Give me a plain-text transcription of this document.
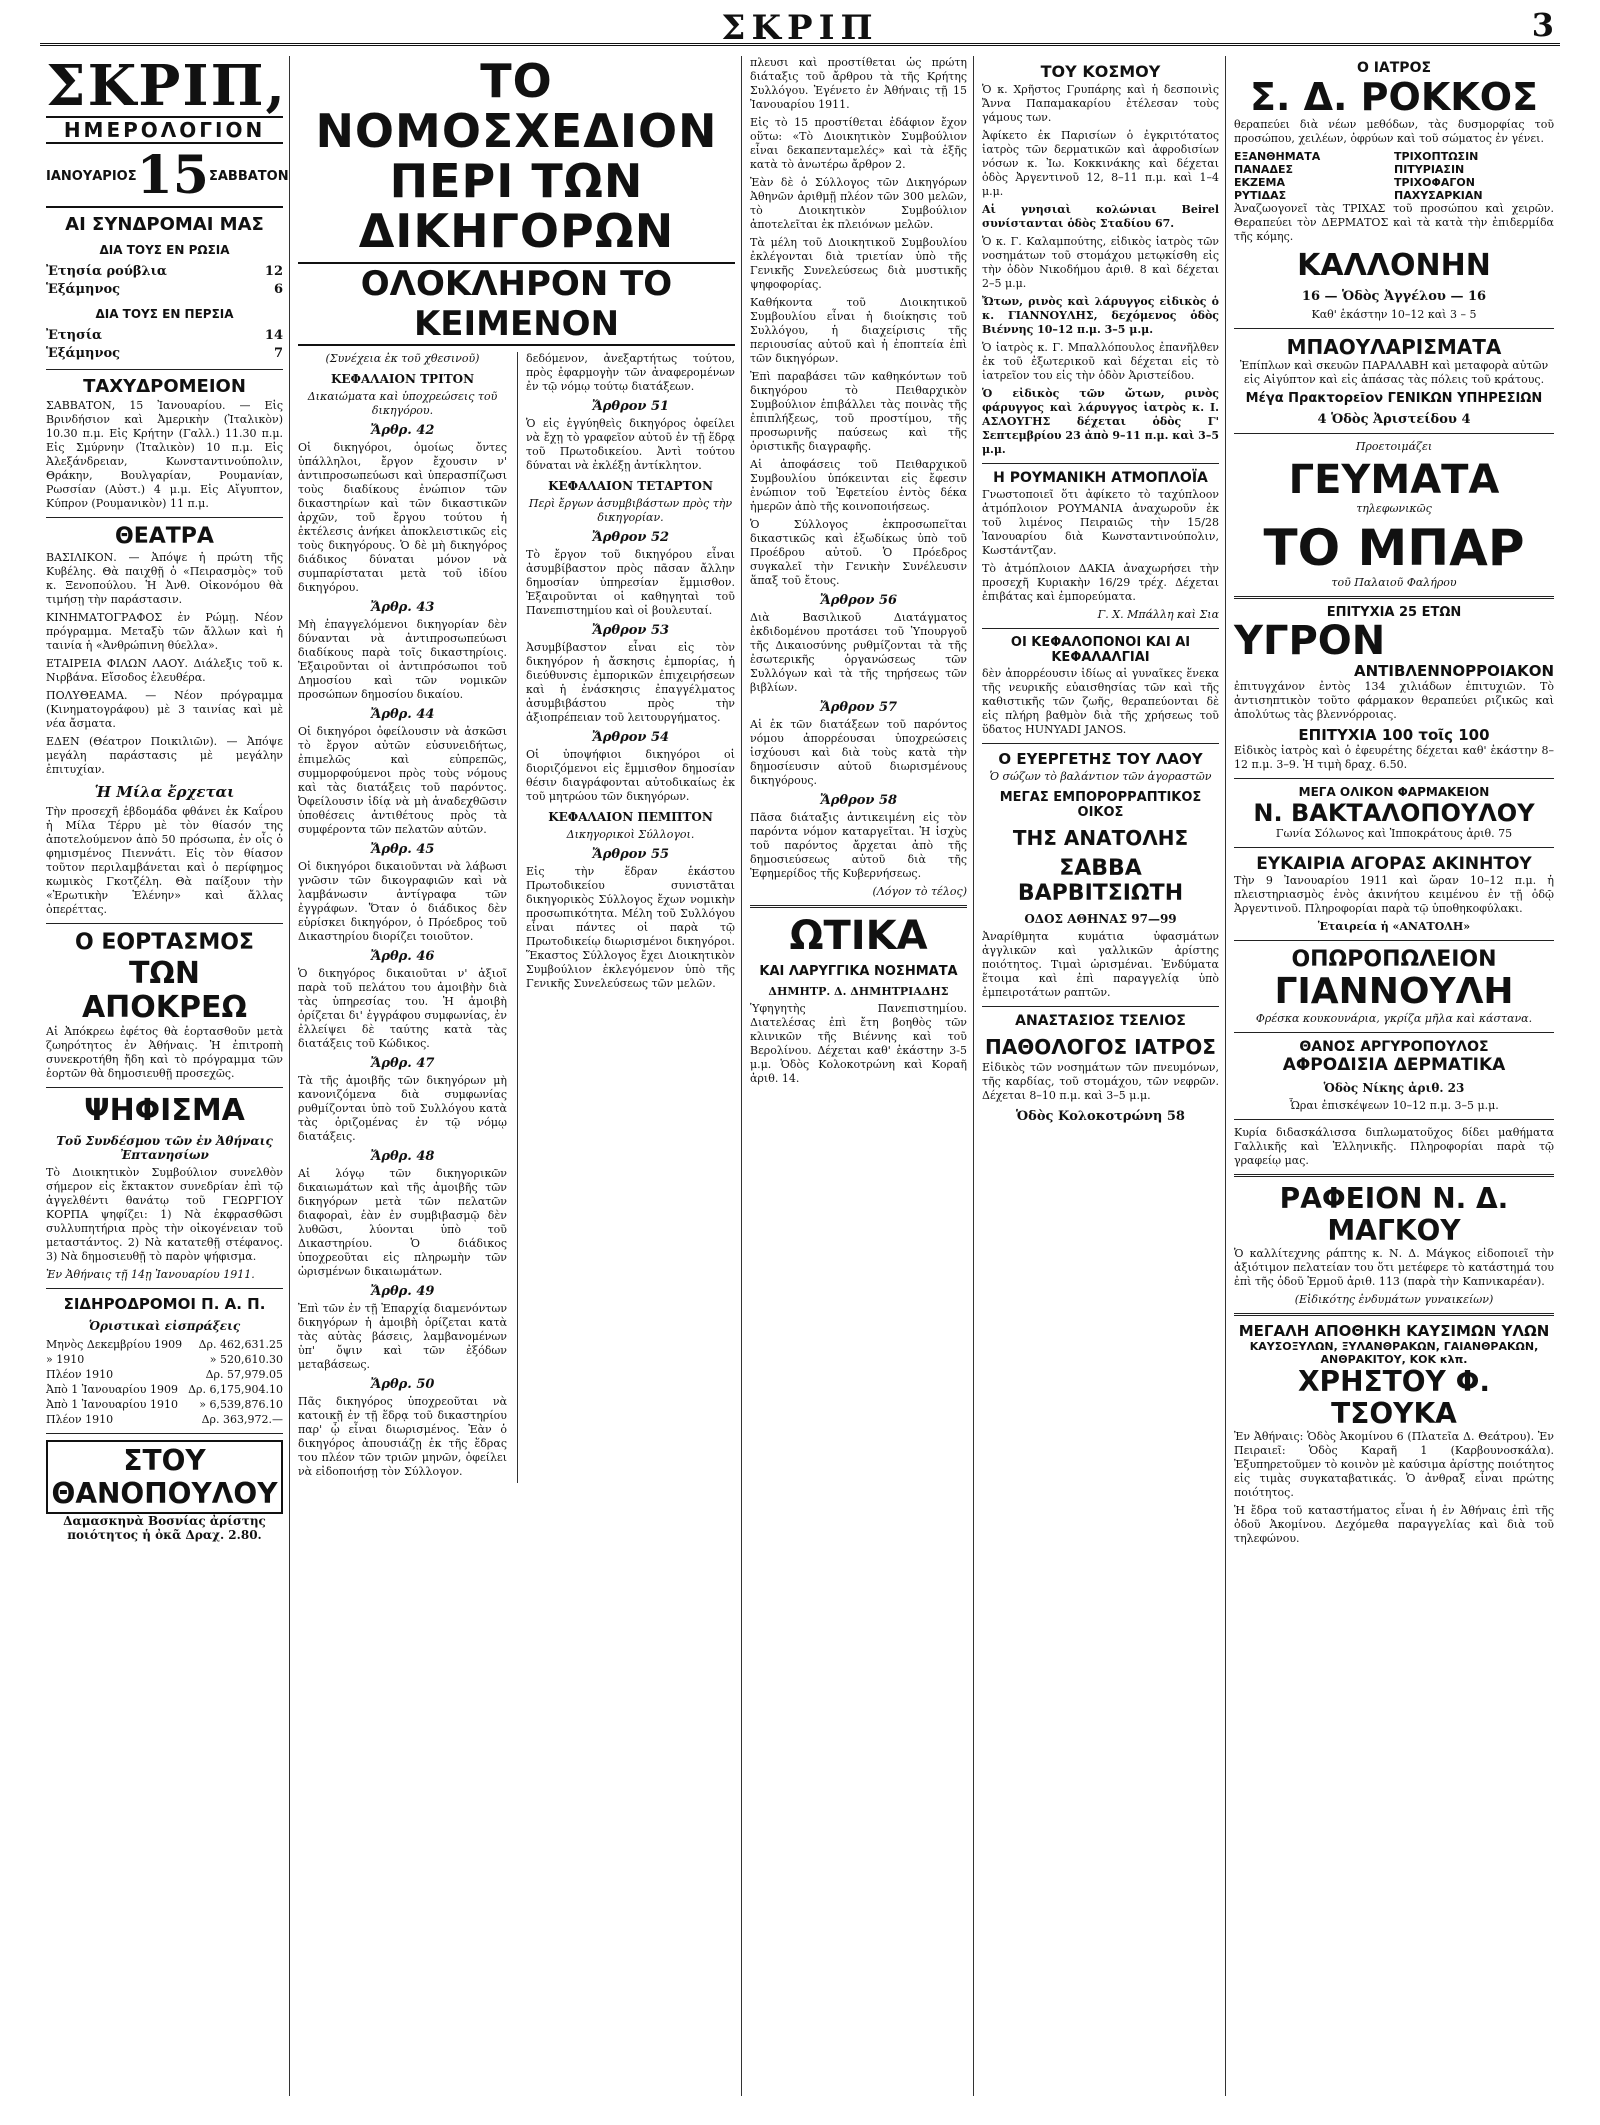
ΣΚΡΙΠ	3
ΣΚΡΙΠ,
ΗΜΕΡΟΛΟΓΙΟΝ
ΙΑΝΟΥΑΡΙΟΣ 15 ΣΑΒΒΑΤΟΝ
ΑΙ ΣΥΝΔΡΟΜΑΙ ΜΑΣ
ΔΙΑ ΤΟΥΣ ΕΝ ΡΩΣΙΑ
Ἐτησία ρούβλια	12
Ἑξάμηνος	6
ΔΙΑ ΤΟΥΣ ΕΝ ΠΕΡΣΙΑ
Ἐτησία	14
Ἑξάμηνος	7
ΤΑΧΥΔΡΟΜΕΙΟΝ
ΣΑΒΒΑΤΟΝ, 15 Ἰανουαρίου. — Εἰς Βρινδήσιον καὶ Ἀμερικὴν (Ἰταλικὸν) 10.30 π.μ. Εἰς Κρήτην (Γαλλ.) 11.30 π.μ. Εἰς Σμύρνην (Ἰταλικὸν) 10 π.μ. Εἰς Ἀλεξάνδρειαν, Κωνσταντινούπολιν, Θράκην, Βουλγαρίαν, Ρουμανίαν, Ρωσσίαν (Αὐστ.) 4 μ.μ. Εἰς Αἴγυπτον, Κύπρον (Ρουμανικὸν) 11 π.μ.
ΘΕΑΤΡΑ
ΒΑΣΙΛΙΚΟΝ. — Ἀπόψε ἡ πρώτη τῆς Κυβέλης. Θὰ παιχθῇ ὁ «Πειρασμὸς» τοῦ κ. Ξενοπούλου. Ἡ Ἀνθ. Οἰκονόμου θὰ τιμήσῃ τὴν παράστασιν.
ΚΙΝΗΜΑΤΟΓΡΑΦΟΣ ἐν Ρώμῃ. Νέον πρόγραμμα. Μεταξὺ τῶν ἄλλων καὶ ἡ ταινία ἡ «Ἀνθρώπινη θύελλα».
ΕΤΑΙΡΕΙΑ ΦΙΛΩΝ ΛΑΟΥ. Διάλεξις τοῦ κ. Νιρβάνα. Εἴσοδος ἐλευθέρα.
ΠΟΛΥΘΕΑΜΑ. — Νέον πρόγραμμα (Κινηματογράφου) μὲ 3 ταινίας καὶ μὲ νέα ἄσματα.
ΕΔΕΝ (Θέατρον Ποικιλιῶν). — Ἀπόψε μεγάλη παράστασις μὲ μεγάλην ἐπιτυχίαν.
Ἡ Μίλα ἔρχεται
Τὴν προσεχῆ ἑβδομάδα φθάνει ἐκ Καΐρου ἡ Μίλα Τέρρυ μὲ τὸν θίασόν της ἀποτελούμενον ἀπὸ 50 πρόσωπα, ἐν οἷς ὁ φημισμένος Πιεννάτι. Εἰς τὸν θίασον τοῦτον περιλαμβάνεται καὶ ὁ περίφημος κωμικὸς Γκοτζέλη. Θὰ παίξουν τὴν «Ἐρωτικὴν Ἑλένην» καὶ ἄλλας ὀπερέττας.
Ο ΕΟΡΤΑΣΜΟΣ
ΤΩΝ ΑΠΟΚΡΕΩ
Αἱ Ἀπόκρεω ἐφέτος θὰ ἑορτασθοῦν μετὰ ζωηρότητος ἐν Ἀθήναις. Ἡ ἐπιτροπὴ συνεκροτήθη ἤδη καὶ τὸ πρόγραμμα τῶν ἑορτῶν θὰ δημοσιευθῇ προσεχῶς.
ΨΗΦΙΣΜΑ
Τοῦ Συνδέσμου τῶν ἐν Ἀθήναις Ἐπτανησίων
Τὸ Διοικητικὸν Συμβούλιον συνελθὸν σήμερον εἰς ἔκτακτον συνεδρίαν ἐπὶ τῷ ἀγγελθέντι θανάτῳ τοῦ ΓΕΩΡΓΙΟΥ ΚΟΡΠΑ ψηφίζει: 1) Νὰ ἐκφρασθῶσι συλλυπητήρια πρὸς τὴν οἰκογένειαν τοῦ μεταστάντος. 2) Νὰ κατατεθῇ στέφανος. 3) Νὰ δημοσιευθῇ τὸ παρὸν ψήφισμα.
Ἐν Ἀθήναις τῇ 14ῃ Ἰανουαρίου 1911.
ΣΙΔΗΡΟΔΡΟΜΟΙ Π. Α. Π.
Ὁριστικαὶ εἰσπράξεις
Μηνὸς Δεκεμβρίου 1909 Δρ. 462,631.25
» 1910	» 520,610.30
Πλέον 1910	Δρ. 57,979.05
Ἀπὸ 1 Ἰανουαρίου 1909 Δρ. 6,175,904.10
Ἀπὸ 1 Ἰανουαρίου 1910 » 6,539,876.10
Πλέον 1910	Δρ. 363,972.—
ΣΤΟΥ ΘΑΝΟΠΟΥΛΟΥ
Δαμασκηνὰ Βοσνίας ἀρίστης ποιότητος ἡ ὀκᾶ Δραχ. 2.80.
ΤΟ ΝΟΜΟΣΧΕΔΙΟΝ
ΠΕΡΙ ΤΩΝ ΔΙΚΗΓΟΡΩΝ
ΟΛΟΚΛΗΡΟΝ ΤΟ ΚΕΙΜΕΝΟΝ
(Συνέχεια ἐκ τοῦ χθεσινοῦ)
ΚΕΦΑΛΑΙΟΝ ΤΡΙΤΟΝ
Δικαιώματα καὶ ὑποχρεώσεις τοῦ δικηγόρου.
Ἄρθρ. 42
Οἱ δικηγόροι, ὁμοίως ὄντες ὑπάλληλοι, ἔργον ἔχουσιν ν' ἀντιπροσωπεύωσι καὶ ὑπερασπίζωσι τοὺς διαδίκους ἐνώπιον τῶν δικαστηρίων καὶ τῶν δικαστικῶν ἀρχῶν, τοῦ ἔργου τούτου ἡ ἐκτέλεσις ἀνήκει ἀποκλειστικῶς εἰς τοὺς δικηγόρους. Ὁ δὲ μὴ δικηγόρος διάδικος δύναται μόνον νὰ συμπαρίσταται μετὰ τοῦ ἰδίου δικηγόρου.
Ἄρθρ. 43
Μὴ ἐπαγγελόμενοι δικηγορίαν δὲν δύνανται νὰ ἀντιπροσωπεύωσι διαδίκους παρὰ τοῖς δικαστηρίοις. Ἐξαιροῦνται οἱ ἀντιπρόσωποι τοῦ Δημοσίου καὶ τῶν νομικῶν προσώπων δημοσίου δικαίου.
Ἄρθρ. 44
Οἱ δικηγόροι ὀφείλουσιν νὰ ἀσκῶσι τὸ ἔργον αὐτῶν εὐσυνειδήτως, ἐπιμελῶς καὶ εὐπρεπῶς, συμμορφούμενοι πρὸς τοὺς νόμους καὶ τὰς διατάξεις τοῦ παρόντος. Ὀφείλουσιν ἰδίᾳ νὰ μὴ ἀναδεχθῶσιν ὑποθέσεις ἀντιθέτους πρὸς τὰ συμφέροντα τῶν πελατῶν αὐτῶν.
Ἄρθρ. 45
Οἱ δικηγόροι δικαιοῦνται νὰ λάβωσι γνῶσιν τῶν δικογραφιῶν καὶ νὰ λαμβάνωσιν ἀντίγραφα τῶν ἐγγράφων. Ὅταν ὁ διάδικος δὲν εὑρίσκει δικηγόρον, ὁ Πρόεδρος τοῦ Δικαστηρίου διορίζει τοιοῦτον.
Ἄρθρ. 46
Ὁ δικηγόρος δικαιοῦται ν' ἀξιοῖ παρὰ τοῦ πελάτου του ἀμοιβὴν διὰ τὰς ὑπηρεσίας του. Ἡ ἀμοιβὴ ὁρίζεται δι' ἐγγράφου συμφωνίας, ἐν ἐλλείψει δὲ ταύτης κατὰ τὰς διατάξεις τοῦ Κώδικος.
Ἄρθρ. 47
Τὰ τῆς ἀμοιβῆς τῶν δικηγόρων μὴ κανονιζόμενα διὰ συμφωνίας ρυθμίζονται ὑπὸ τοῦ Συλλόγου κατὰ τὰς ὁριζομένας ἐν τῷ νόμῳ διατάξεις.
Ἄρθρ. 48
Αἱ λόγῳ τῶν δικηγορικῶν δικαιωμάτων καὶ τῆς ἀμοιβῆς τῶν δικηγόρων μετὰ τῶν πελατῶν διαφοραὶ, ἐὰν ἐν συμβιβασμῷ δὲν λυθῶσι, λύονται ὑπὸ τοῦ Δικαστηρίου. Ὁ διάδικος ὑποχρεοῦται εἰς πληρωμὴν τῶν ὡρισμένων δικαιωμάτων.
Ἄρθρ. 49
Ἐπὶ τῶν ἐν τῇ Ἐπαρχίᾳ διαμενόντων δικηγόρων ἡ ἀμοιβὴ ὁρίζεται κατὰ τὰς αὐτὰς βάσεις, λαμβανομένων ὑπ' ὄψιν καὶ τῶν ἐξόδων μεταβάσεως.
Ἄρθρ. 50
Πᾶς δικηγόρος ὑποχρεοῦται νὰ κατοικῇ ἐν τῇ ἕδρᾳ τοῦ δικαστηρίου παρ' ᾧ εἶναι διωρισμένος. Ἐὰν ὁ δικηγόρος ἀπουσιάζῃ ἐκ τῆς ἕδρας του πλέον τῶν τριῶν μηνῶν, ὀφείλει νὰ εἰδοποιήσῃ τὸν Σύλλογον.
δεδόμενον, ἀνεξαρτήτως τούτου, πρὸς ἐφαρμογὴν τῶν ἀναφερομένων ἐν τῷ νόμῳ τούτῳ διατάξεων.
Ἄρθρον 51
Ὁ εἰς ἐγγύηθεὶς δικηγόρος ὀφείλει νὰ ἔχῃ τὸ γραφεῖον αὐτοῦ ἐν τῇ ἕδρᾳ τοῦ Πρωτοδικείου. Ἀντὶ τούτου δύναται νὰ ἐκλέξῃ ἀντίκλητον.
ΚΕΦΑΛΑΙΟΝ ΤΕΤΑΡΤΟΝ
Περὶ ἔργων ἀσυμβιβάστων πρὸς τὴν δικηγορίαν.
Ἄρθρον 52
Τὸ ἔργον τοῦ δικηγόρου εἶναι ἀσυμβίβαστον πρὸς πᾶσαν ἄλλην δημοσίαν ὑπηρεσίαν ἔμμισθον. Ἐξαιροῦνται οἱ καθηγηταὶ τοῦ Πανεπιστημίου καὶ οἱ βουλευταί.
Ἄρθρον 53
Ἀσυμβίβαστον εἶναι εἰς τὸν δικηγόρον ἡ ἄσκησις ἐμπορίας, ἡ διεύθυνσις ἐμπορικῶν ἐπιχειρήσεων καὶ ἡ ἐνάσκησις ἐπαγγέλματος ἀσυμβιβάστου πρὸς τὴν ἀξιοπρέπειαν τοῦ λειτουργήματος.
Ἄρθρον 54
Οἱ ὑποψήφιοι δικηγόροι οἱ διοριζόμενοι εἰς ἔμμισθον δημοσίαν θέσιν διαγράφονται αὐτοδικαίως ἐκ τοῦ μητρώου τῶν δικηγόρων.
ΚΕΦΑΛΑΙΟΝ ΠΕΜΠΤΟΝ
Δικηγορικοὶ Σύλλογοι.
Ἄρθρον 55
Εἰς τὴν ἕδραν ἑκάστου Πρωτοδικείου συνιστᾶται δικηγορικὸς Σύλλογος ἔχων νομικὴν προσωπικότητα. Μέλη τοῦ Συλλόγου εἶναι πάντες οἱ παρὰ τῷ Πρωτοδικείῳ διωρισμένοι δικηγόροι. Ἕκαστος Σύλλογος ἔχει Διοικητικὸν Συμβούλιον ἐκλεγόμενον ὑπὸ τῆς Γενικῆς Συνελεύσεως τῶν μελῶν.
πλευσι καὶ προστίθεται ὡς πρώτη διάταξις τοῦ ἄρθρου τὰ τῆς Κρήτης Συλλόγου. Ἐγένετο ἐν Ἀθήναις τῇ 15 Ἰανουαρίου 1911.
Εἰς τὸ 15 προστίθεται ἐδάφιον ἔχον οὕτω: «Τὸ Διοικητικὸν Συμβούλιον εἶναι δεκαπενταμελές» καὶ τὰ ἑξῆς κατὰ τὸ ἀνωτέρω ἄρθρον 2.
Ἐὰν δὲ ὁ Σύλλογος τῶν Δικηγόρων Ἀθηνῶν ἀριθμῇ πλέον τῶν 300 μελῶν, τὸ Διοικητικὸν Συμβούλιον ἀποτελεῖται ἐκ πλειόνων μελῶν.
Τὰ μέλη τοῦ Διοικητικοῦ Συμβουλίου ἐκλέγονται διὰ τριετίαν ὑπὸ τῆς Γενικῆς Συνελεύσεως διὰ μυστικῆς ψηφοφορίας.
Καθήκοντα τοῦ Διοικητικοῦ Συμβουλίου εἶναι ἡ διοίκησις τοῦ Συλλόγου, ἡ διαχείρισις τῆς περιουσίας αὐτοῦ καὶ ἡ ἐποπτεία ἐπὶ τῶν δικηγόρων.
Ἐπὶ παραβάσει τῶν καθηκόντων τοῦ δικηγόρου τὸ Πειθαρχικὸν Συμβούλιον ἐπιβάλλει τὰς ποινὰς τῆς ἐπιπλήξεως, τοῦ προστίμου, τῆς προσωρινῆς παύσεως καὶ τῆς ὁριστικῆς διαγραφῆς.
Αἱ ἀποφάσεις τοῦ Πειθαρχικοῦ Συμβουλίου ὑπόκεινται εἰς ἔφεσιν ἐνώπιον τοῦ Ἐφετείου ἐντὸς δέκα ἡμερῶν ἀπὸ τῆς κοινοποιήσεως.
Ὁ Σύλλογος ἐκπροσωπεῖται δικαστικῶς καὶ ἐξωδίκως ὑπὸ τοῦ Προέδρου αὐτοῦ. Ὁ Πρόεδρος συγκαλεῖ τὴν Γενικὴν Συνέλευσιν ἅπαξ τοῦ ἔτους.
Ἄρθρον 56
Διὰ Βασιλικοῦ Διατάγματος ἐκδιδομένου προτάσει τοῦ Ὑπουργοῦ τῆς Δικαιοσύνης ρυθμίζονται τὰ τῆς ἐσωτερικῆς ὀργανώσεως τῶν Συλλόγων καὶ τὰ τῆς τηρήσεως τῶν βιβλίων.
Ἄρθρον 57
Αἱ ἐκ τῶν διατάξεων τοῦ παρόντος νόμου ἀπορρέουσαι ὑποχρεώσεις ἰσχύουσι καὶ διὰ τοὺς κατὰ τὴν δημοσίευσιν αὐτοῦ διωρισμένους δικηγόρους.
Ἄρθρον 58
Πᾶσα διάταξις ἀντικειμένη εἰς τὸν παρόντα νόμον καταργεῖται. Ἡ ἰσχὺς τοῦ παρόντος ἄρχεται ἀπὸ τῆς δημοσιεύσεως αὐτοῦ διὰ τῆς Ἐφημερίδος τῆς Κυβερνήσεως.
(Λόγον τὸ τέλος)
ΩΤΙΚΑ
ΚΑΙ ΛΑΡΥΓΓΙΚΑ ΝΟΣΗΜΑΤΑ
ΔΗΜΗΤΡ. Δ. ΔΗΜΗΤΡΙΑΔΗΣ
Ὑφηγητὴς Πανεπιστημίου. Διατελέσας ἐπὶ ἔτη βοηθὸς τῶν κλινικῶν τῆς Βιέννης καὶ τοῦ Βερολίνου. Δέχεται καθ' ἑκάστην 3-5 μ.μ. Ὁδὸς Κολοκοτρώνη καὶ Κοραῆ ἀριθ. 14.
ΤΟΥ ΚΟΣΜΟΥ
Ὁ κ. Χρῆστος Γρυπάρης καὶ ἡ δεσποινὶς Ἄννα Παπαμακαρίου ἐτέλεσαν τοὺς γάμους των.
Ἀφίκετο ἐκ Παρισίων ὁ ἐγκριτότατος ἰατρὸς τῶν δερματικῶν καὶ ἀφροδισίων νόσων κ. Ἰω. Κοκκινάκης καὶ δέχεται ὁδὸς Ἀργεντινοῦ 12, 8–11 π.μ. καὶ 1–4 μ.μ.
Αἱ γνησιαὶ κολώνιαι Beirel συνίστανται ὁδὸς Σταδίου 67.
Ὁ κ. Γ. Καλαμπούτης, εἰδικὸς ἰατρὸς τῶν νοσημάτων τοῦ στομάχου μετῳκίσθη εἰς τὴν ὁδὸν Νικοδήμου ἀριθ. 8 καὶ δέχεται 2–5 μ.μ.
Ὤτων, ρινὸς καὶ λάρυγγος εἰδικὸς ὁ κ. ΓΙΑΝΝΟΥΛΗΣ, δεχόμενος ὁδὸς Βιέννης 10–12 π.μ. 3–5 μ.μ.
Ὁ ἰατρὸς κ. Γ. Μπαλλόπουλος ἐπανῆλθεν ἐκ τοῦ ἐξωτερικοῦ καὶ δέχεται εἰς τὸ ἰατρεῖον του εἰς τὴν ὁδὸν Ἀριστείδου.
Ὁ εἰδικὸς τῶν ὤτων, ρινὸς φάρυγγος καὶ λάρυγγος ἰατρὸς κ. Ι. ΑΣΛΟΥΓΗΣ δέχεται ὁδὸς Γ' Σεπτεμβρίου 23 ἀπὸ 9–11 π.μ. καὶ 3–5 μ.μ.
Η ΡΟΥΜΑΝΙΚΗ ΑΤΜΟΠΛΟΪΑ
Γνωστοποιεῖ ὅτι ἀφίκετο τὸ ταχύπλοον ἀτμόπλοιον ΡΟΥΜΑΝΙΑ ἀναχωροῦν ἐκ τοῦ λιμένος Πειραιῶς τὴν 15/28 Ἰανουαρίου διὰ Κωνσταντινούπολιν, Κωστάντζαν.
Τὸ ἀτμόπλοιον ΔΑΚΙΑ ἀναχωρήσει τὴν προσεχῆ Κυριακὴν 16/29 τρέχ. Δέχεται ἐπιβάτας καὶ ἐμπορεύματα.
Γ. Χ. Μπάλλη καὶ Σια
ΟΙ ΚΕΦΑΛΟΠΟΝΟΙ ΚΑΙ ΑΙ ΚΕΦΑΛΑΛΓΙΑΙ
δὲν ἀπορρέουσιν ἰδίως αἱ γυναῖκες ἕνεκα τῆς νευρικῆς εὐαισθησίας τῶν καὶ τῆς καθιστικῆς τῶν ζωῆς, θεραπεύονται δὲ εἰς πλήρη βαθμὸν διὰ τῆς χρήσεως τοῦ ὕδατος HUNYADI JANOS.
Ο ΕΥΕΡΓΕΤΗΣ ΤΟΥ ΛΑΟΥ
Ὁ σώζων τὸ βαλάντιον τῶν ἁγοραστῶν
ΜΕΓΑΣ ΕΜΠΟΡΟΡΡΑΠΤΙΚΟΣ ΟΙΚΟΣ
ΤΗΣ ΑΝΑΤΟΛΗΣ
ΣΑΒΒΑ ΒΑΡΒΙΤΣΙΩΤΗ
ΟΔΟΣ ΑΘΗΝΑΣ 97—99
Ἀναρίθμητα κυμάτια ὑφασμάτων ἀγγλικῶν καὶ γαλλικῶν ἀρίστης ποιότητος. Τιμαὶ ὡρισμέναι. Ἐνδύματα ἕτοιμα καὶ ἐπὶ παραγγελίᾳ ὑπὸ ἐμπειροτάτων ραπτῶν.
ΑΝΑΣΤΑΣΙΟΣ ΤΣΕΛΙΟΣ
ΠΑΘΟΛΟΓΟΣ ΙΑΤΡΟΣ
Εἰδικὸς τῶν νοσημάτων τῶν πνευμόνων, τῆς καρδίας, τοῦ στομάχου, τῶν νεφρῶν. Δέχεται 8–10 π.μ. καὶ 3–5 μ.μ.
Ὁδὸς Κολοκοτρώνη 58
Ο ΙΑΤΡΟΣ
Σ. Δ. ΡΟΚΚΟΣ
θεραπεύει διὰ νέων μεθόδων, τὰς δυσμορφίας τοῦ προσώπου, χειλέων, ὀφρύων καὶ τοῦ σώματος ἐν γένει.
ΕΞΑΝΘΗΜΑΤΑ	ΤΡΙΧΟΠΤΩΣΙΝ
ΠΑΝΑΔΕΣ	ΠΙΤΥΡΙΑΣΙΝ
ΕΚΖΕΜΑ	ΤΡΙΧΟΦΑΓΟΝ
ΡΥΤΙΔΑΣ	ΠΑΧΥΣΑΡΚΙΑΝ
Ἀναζωογονεῖ τὰς ΤΡΙΧΑΣ τοῦ προσώπου καὶ χειρῶν. Θεραπεύει τὸν ΔΕΡΜΑΤΟΣ καὶ τὰ κατὰ τὴν ἐπιδερμίδα τῆς κόμης.
ΚΑΛΛΟΝΗΝ
16 — Ὁδὸς Ἀγγέλου — 16
Καθ' ἑκάστην 10–12 καὶ 3 – 5
ΜΠΑΟΥΛΑΡΙΣΜΑΤΑ
Ἐπίπλων καὶ σκευῶν ΠΑΡΑΛΑΒΗ καὶ μεταφορὰ αὐτῶν εἰς Αἰγύπτον καὶ εἰς ἁπάσας τὰς πόλεις τοῦ κράτους.
Μέγα Πρακτορεῖον ΓΕΝΙΚΩΝ ΥΠΗΡΕΣΙΩΝ
4 Ὁδὸς Ἀριστείδου 4
Προετοιμάζει
ΓΕΥΜΑΤΑ
τηλεφωνικῶς
ΤΟ ΜΠΑΡ
τοῦ Παλαιοῦ Φαλήρου
ΕΠΙΤΥΧΙΑ 25 ΕΤΩΝ
ΥΓΡΟΝ
ΑΝΤΙΒΛΕΝΝΟΡΡΟΙΑΚΟΝ
ἐπιτυγχάνον ἐντὸς 134 χιλιάδων ἐπιτυχιῶν. Τὸ ἀντισηπτικὸν τοῦτο φάρμακον θεραπεύει ριζικῶς καὶ ἀπολύτως τὰς βλεννόρροιας.
ΕΠΙΤΥΧΙΑ 100 τοῖς 100
Εἰδικὸς ἰατρὸς καὶ ὁ ἐφευρέτης δέχεται καθ' ἑκάστην 8–12 π.μ. 3–9. Ἡ τιμὴ δραχ. 6.50.
ΜΕΓΑ ΟΛΙΚΟΝ ΦΑΡΜΑΚΕΙΟΝ
Ν. ΒΑΚΤΑΛΟΠΟΥΛΟΥ
Γωνία Σόλωνος καὶ Ἱπποκράτους ἀριθ. 75
ΕΥΚΑΙΡΙΑ ΑΓΟΡΑΣ ΑΚΙΝΗΤΟΥ
Τὴν 9 Ἰανουαρίου 1911 καὶ ὥραν 10–12 π.μ. ἡ πλειστηριασμὸς ἑνὸς ἀκινήτου κειμένου ἐν τῇ ὁδῷ Ἀργεντινοῦ. Πληροφορίαι παρὰ τῷ ὑποθηκοφύλακι.
Ἑταιρεία ἡ «ΑΝΑΤΟΛΗ»
ΟΠΩΡΟΠΩΛΕΙΟΝ
ΓΙΑΝΝΟΥΛΗ
Φρέσκα κουκουνάρια, γκρίζα μῆλα καὶ κάστανα.
ΘΑΝΟΣ ΑΡΓΥΡΟΠΟΥΛΟΣ
ΑΦΡΟΔΙΣΙΑ ΔΕΡΜΑΤΙΚΑ
Ὁδὸς Νίκης ἀριθ. 23
Ὧραι ἐπισκέψεων 10–12 π.μ. 3–5 μ.μ.
Κυρία διδασκάλισσα διπλωματοῦχος δίδει μαθήματα Γαλλικῆς καὶ Ἑλληνικῆς. Πληροφορίαι παρὰ τῷ γραφείῳ μας.
ΡΑΦΕΙΟΝ Ν. Δ. ΜΑΓΚΟΥ
Ὁ καλλίτεχνης ράπτης κ. Ν. Δ. Μάγκος εἰδοποιεῖ τὴν ἀξιότιμον πελατείαν του ὅτι μετέφερε τὸ κατάστημά του ἐπὶ τῆς ὁδοῦ Ἑρμοῦ ἀριθ. 113 (παρὰ τὴν Καπνικαρέαν).
(Εἰδικότης ἐνδυμάτων γυναικείων)
ΜΕΓΑΛΗ ΑΠΟΘΗΚΗ ΚΑΥΣΙΜΩΝ ΥΛΩΝ
ΚΑΥΣΟΞΥΛΩΝ, ΞΥΛΑΝΘΡΑΚΩΝ, ΓΑΙΑΝΘΡΑΚΩΝ, ΑΝΘΡΑΚΙΤΟΥ, ΚΟΚ κλπ.
ΧΡΗΣΤΟΥ Φ. ΤΣΟΥΚΑ
Ἐν Ἀθήναις: Ὁδὸς Ἀκομίνου 6 (Πλατεῖα Δ. Θεάτρου). Ἐν Πειραιεῖ: Ὁδὸς Καραῆ 1 (Καρβουνοσκάλα). Ἐξυπηρετοῦμεν τὸ κοινὸν μὲ καύσιμα ἀρίστης ποιότητος εἰς τιμὰς συγκαταβατικάς. Ὁ ἀνθραξ εἶναι πρώτης ποιότητος.
Ἡ ἔδρα τοῦ καταστήματος εἶναι ἡ ἐν Ἀθήναις ἐπὶ τῆς ὁδοῦ Ἀκομίνου. Δεχόμεθα παραγγελίας καὶ διὰ τοῦ τηλεφώνου.
